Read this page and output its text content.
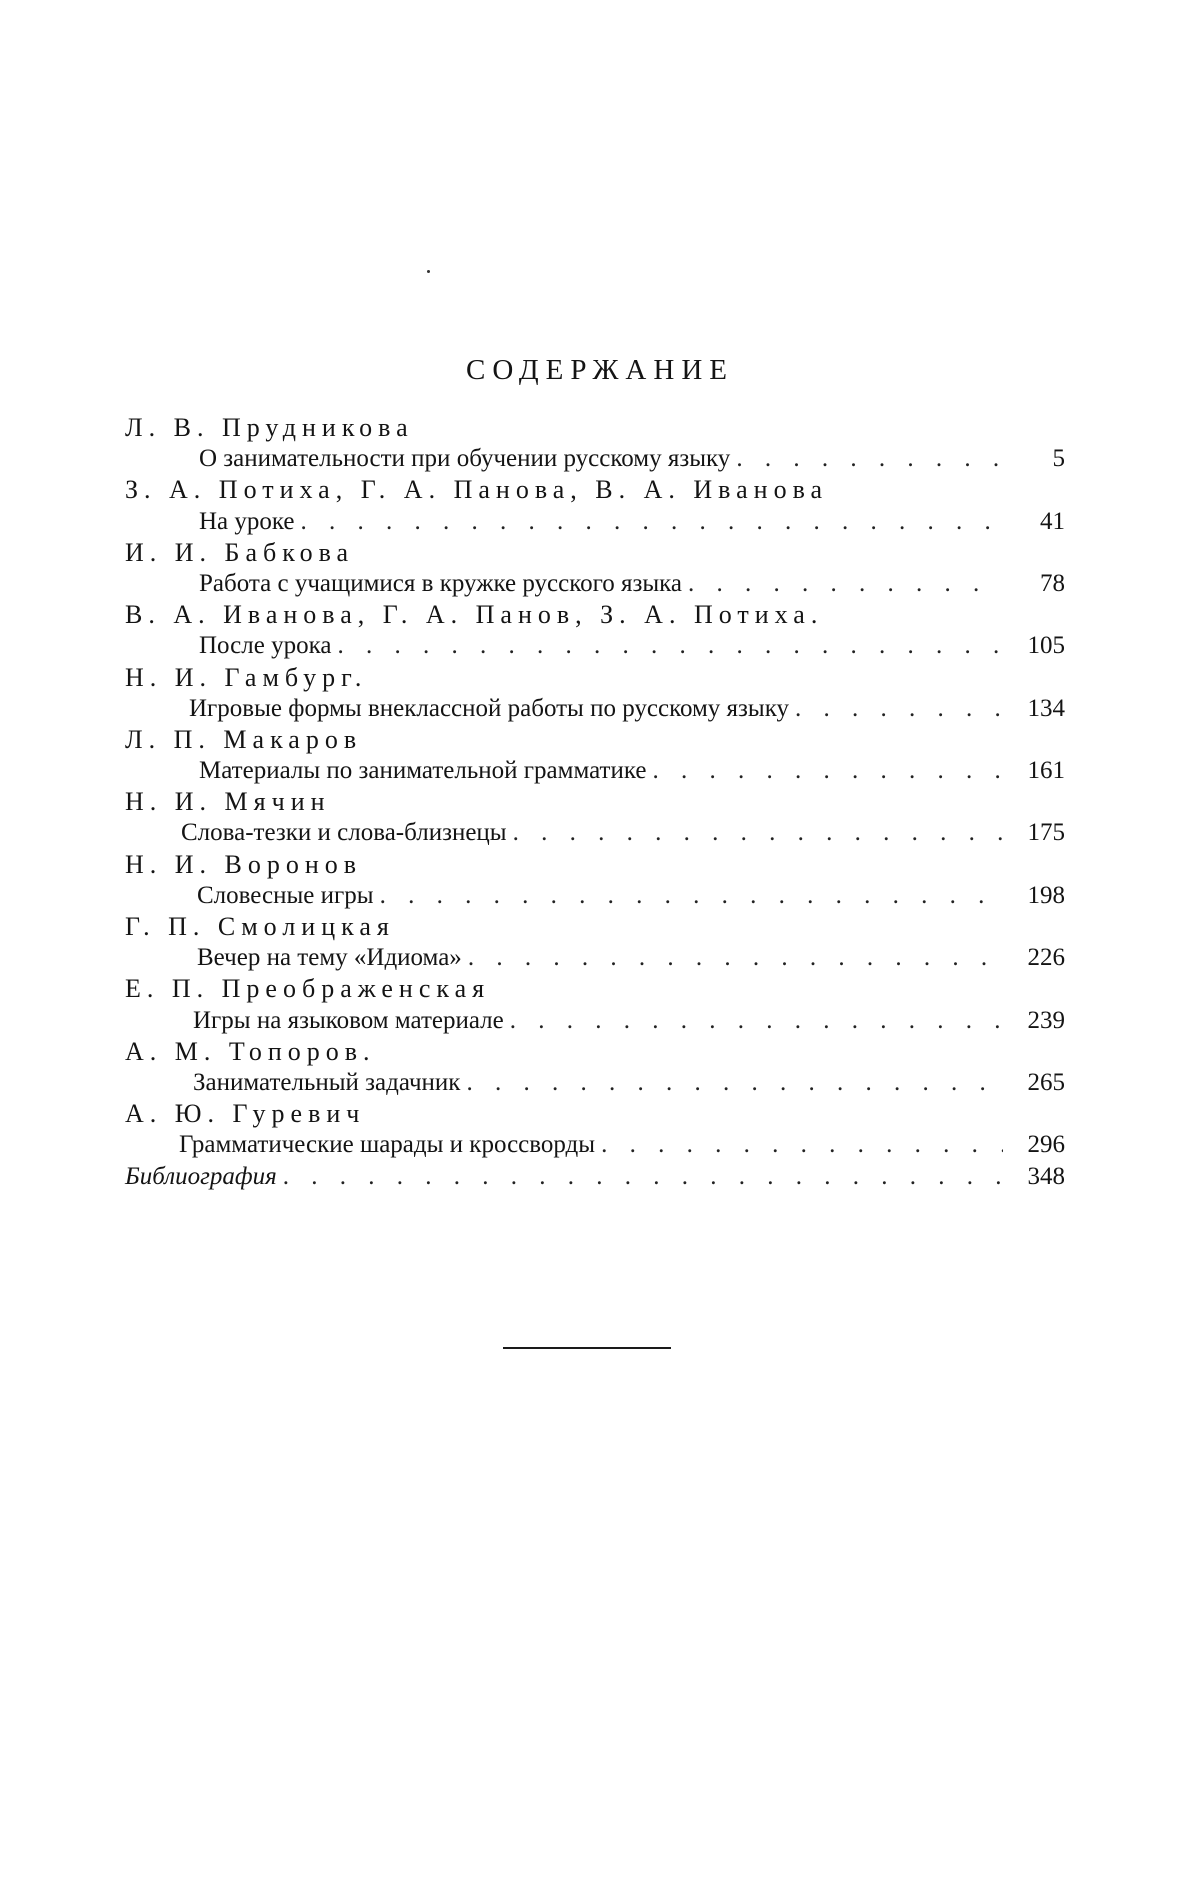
СОДЕРЖАНИЕ
Л. В. Прудникова
О занимательности при обучении русскому языку . . .	5
З. А. Потиха, Г. А. Панова, В. А. Иванова
На уроке . . .	41
И. И. Бабкова
Работа с учащимися в кружке русского языка . . .	78
В. А. Иванова, Г. А. Панов, З. А. Потиха.
После урока . . .	105
Н. И. Гамбург.
Игровые формы внеклассной работы по русскому языку . . .	134
Л. П. Макаров
Материалы по занимательной грамматике . . .	161
Н. И. Мячин
Слова-тезки и слова-близнецы . . .	175
Н. И. Воронов
Словесные игры . . .	198
Г. П. Смолицкая
Вечер на тему «Идиома» . . .	226
Е. П. Преображенская
Игры на языковом материале . . .	239
А. М. Топоров.
Занимательный задачник . . .	265
А. Ю. Гуревич
Грамматические шарады и кроссворды . . .	296
Библиография . . .	348
